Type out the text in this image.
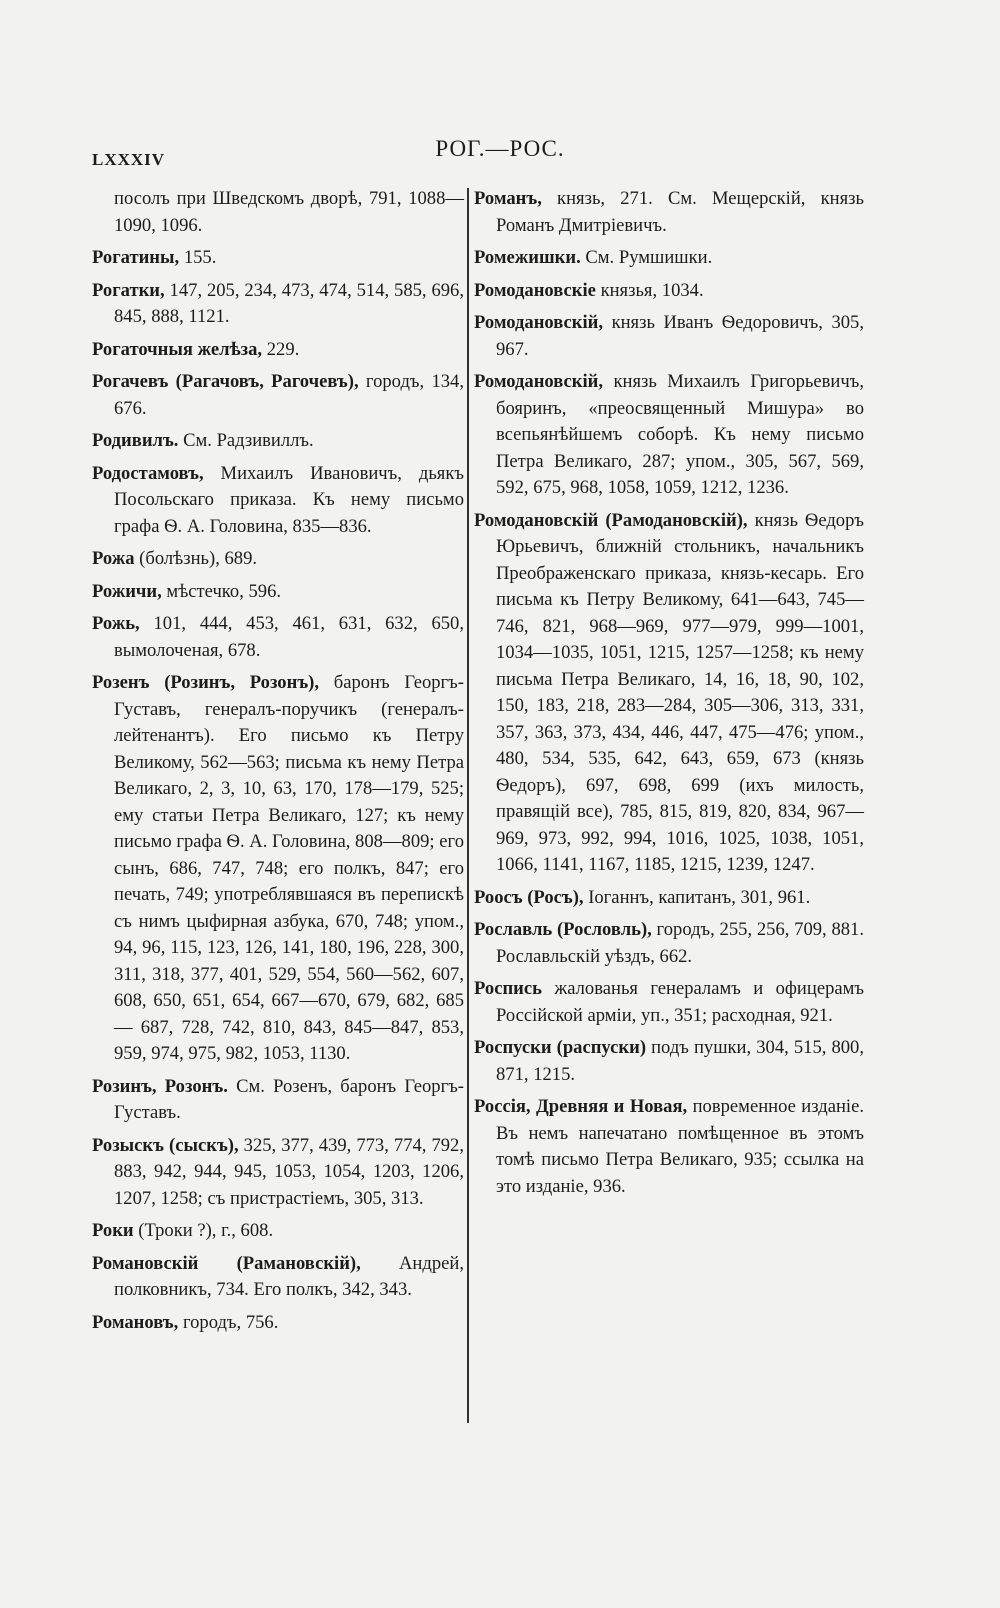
LXXXIV	РОГ.—РОС.

посолъ при Шведскомъ дворѣ, 791, 1088—1090, 1096.

Рогатины, 155.

Рогатки, 147, 205, 234, 473, 474, 514, 585, 696, 845, 888, 1121.

Рогаточныя желѣза, 229.

Рогачевъ (Рагачовъ, Рагочевъ), городъ, 134, 676.

Родивилъ. См. Радзивиллъ.

Родостамовъ, Михаилъ Ивановичъ, дьякъ Посольскаго приказа. Къ нему письмо графа Ѳ. А. Головина, 835—836.

Рожа (болѣзнь), 689.

Рожичи, мѣстечко, 596.

Рожь, 101, 444, 453, 461, 631, 632, 650, вымолоченая, 678.

Розенъ (Розинъ, Розонъ), баронъ Георгъ-Густавъ, генералъ-поручикъ (генералъ-лейтенантъ). Его письмо къ Петру Великому, 562—563; письма къ нему Петра Великаго, 2, 3, 10, 63, 170, 178—179, 525; ему статьи Петра Великаго, 127; къ нему письмо графа Ѳ. А. Головина, 808—809; его сынъ, 686, 747, 748; его полкъ, 847; его печать, 749; употреблявшаяся въ перепискѣ съ нимъ цыфирная азбука, 670, 748; упом., 94, 96, 115, 123, 126, 141, 180, 196, 228, 300, 311, 318, 377, 401, 529, 554, 560—562, 607, 608, 650, 651, 654, 667—670, 679, 682, 685 — 687, 728, 742, 810, 843, 845—847, 853, 959, 974, 975, 982, 1053, 1130.

Розинъ, Розонъ. См. Розенъ, баронъ Георгъ-Густавъ.

Розыскъ (сыскъ), 325, 377, 439, 773, 774, 792, 883, 942, 944, 945, 1053, 1054, 1203, 1206, 1207, 1258; съ пристрастіемъ, 305, 313.

Роки (Троки ?), г., 608.

Романовскій (Рамановскій), Андрей, полковникъ, 734. Его полкъ, 342, 343.

Романовъ, городъ, 756.

Романъ, князь, 271. См. Мещерскій, князь Романъ Дмитріевичъ.

Ромежишки. См. Румшишки.

Ромодановскіе князья, 1034.

Ромодановскій, князь Иванъ Ѳедоровичъ, 305, 967.

Ромодановскій, князь Михаилъ Григорьевичъ, бояринъ, «преосвященный Мишура» во всепьянѣйшемъ соборѣ. Къ нему письмо Петра Великаго, 287; упом., 305, 567, 569, 592, 675, 968, 1058, 1059, 1212, 1236.

Ромодановскій (Рамодановскій), князь Ѳедоръ Юрьевичъ, ближній стольникъ, начальникъ Преображенскаго приказа, князь-кесарь. Его письма къ Петру Великому, 641—643, 745—746, 821, 968—969, 977—979, 999—1001, 1034—1035, 1051, 1215, 1257—1258; къ нему письма Петра Великаго, 14, 16, 18, 90, 102, 150, 183, 218, 283—284, 305—306, 313, 331, 357, 363, 373, 434, 446, 447, 475—476; упом., 480, 534, 535, 642, 643, 659, 673 (князь Ѳедоръ), 697, 698, 699 (ихъ милость, правящій все), 785, 815, 819, 820, 834, 967—969, 973, 992, 994, 1016, 1025, 1038, 1051, 1066, 1141, 1167, 1185, 1215, 1239, 1247.

Роосъ (Росъ), Іоганнъ, капитанъ, 301, 961.

Рославль (Рословль), городъ, 255, 256, 709, 881. Рославльскій уѣздъ, 662.

Роспись жалованья генераламъ и офицерамъ Россійской арміи, уп., 351; расходная, 921.

Роспуски (распуски) подъ пушки, 304, 515, 800, 871, 1215.

Россія, Древняя и Новая, повременное изданіе. Въ немъ напечатано помѣщенное въ этомъ томѣ письмо Петра Великаго, 935; ссылка на это изданіе, 936.
